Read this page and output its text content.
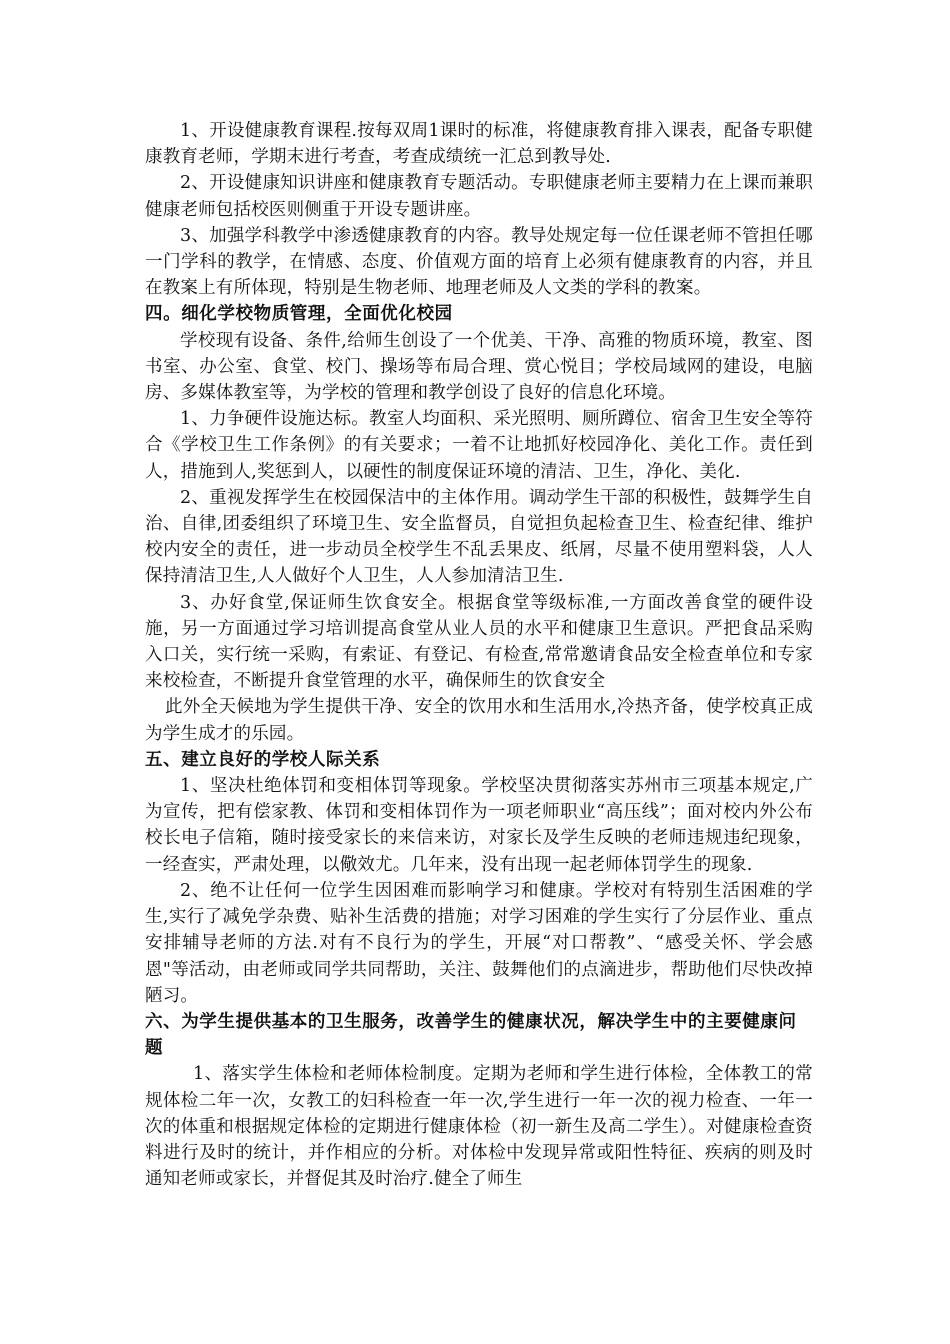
1、开设健康教育课程.按每双周1课时的标准，将健康教育排入课表，配备专职健康教育老师，学期末进行考查，考查成绩统一汇总到教导处.

2、开设健康知识讲座和健康教育专题活动。专职健康老师主要精力在上课而兼职健康老师包括校医则侧重于开设专题讲座。

3、加强学科教学中渗透健康教育的内容。教导处规定每一位任课老师不管担任哪一门学科的教学，在情感、态度、价值观方面的培育上必须有健康教育的内容，并且在教案上有所体现，特别是生物老师、地理老师及人文类的学科的教案。

四。细化学校物质管理，全面优化校园

学校现有设备、条件,给师生创设了一个优美、干净、高雅的物质环境，教室、图书室、办公室、食堂、校门、操场等布局合理、赏心悦目；学校局域网的建设，电脑房、多媒体教室等，为学校的管理和教学创设了良好的信息化环境。

1、力争硬件设施达标。教室人均面积、采光照明、厕所蹲位、宿舍卫生安全等符合《学校卫生工作条例》的有关要求；一着不让地抓好校园净化、美化工作。责任到人，措施到人,奖惩到人，以硬性的制度保证环境的清洁、卫生，净化、美化.

2、重视发挥学生在校园保洁中的主体作用。调动学生干部的积极性，鼓舞学生自治、自律,团委组织了环境卫生、安全监督员，自觉担负起检查卫生、检查纪律、维护校内安全的责任，进一步动员全校学生不乱丢果皮、纸屑，尽量不使用塑料袋，人人保持清洁卫生,人人做好个人卫生，人人参加清洁卫生.

3、办好食堂,保证师生饮食安全。根据食堂等级标准,一方面改善食堂的硬件设施，另一方面通过学习培训提高食堂从业人员的水平和健康卫生意识。严把食品采购入口关，实行统一采购，有索证、有登记、有检查,常常邀请食品安全检查单位和专家来校检查，不断提升食堂管理的水平，确保师生的饮食安全

此外全天候地为学生提供干净、安全的饮用水和生活用水,冷热齐备，使学校真正成为学生成才的乐园。

五、建立良好的学校人际关系

1、坚决杜绝体罚和变相体罚等现象。学校坚决贯彻落实苏州市三项基本规定,广为宣传，把有偿家教、体罚和变相体罚作为一项老师职业“高压线”；面对校内外公布校长电子信箱，随时接受家长的来信来访，对家长及学生反映的老师违规违纪现象，一经查实，严肃处理，以儆效尤。几年来，没有出现一起老师体罚学生的现象.

2、绝不让任何一位学生因困难而影响学习和健康。学校对有特别生活困难的学生,实行了减免学杂费、贴补生活费的措施；对学习困难的学生实行了分层作业、重点安排辅导老师的方法.对有不良行为的学生，开展“对口帮教”、“感受关怀、学会感恩"等活动，由老师或同学共同帮助，关注、鼓舞他们的点滴进步，帮助他们尽快改掉陋习。

六、为学生提供基本的卫生服务，改善学生的健康状况，解决学生中的主要健康问题

1、落实学生体检和老师体检制度。定期为老师和学生进行体检，全体教工的常规体检二年一次，女教工的妇科检查一年一次,学生进行一年一次的视力检查、一年一次的体重和根据规定体检的定期进行健康体检（初一新生及高二学生）。对健康检查资料进行及时的统计，并作相应的分析。对体检中发现异常或阳性特征、疾病的则及时通知老师或家长，并督促其及时治疗.健全了师生
